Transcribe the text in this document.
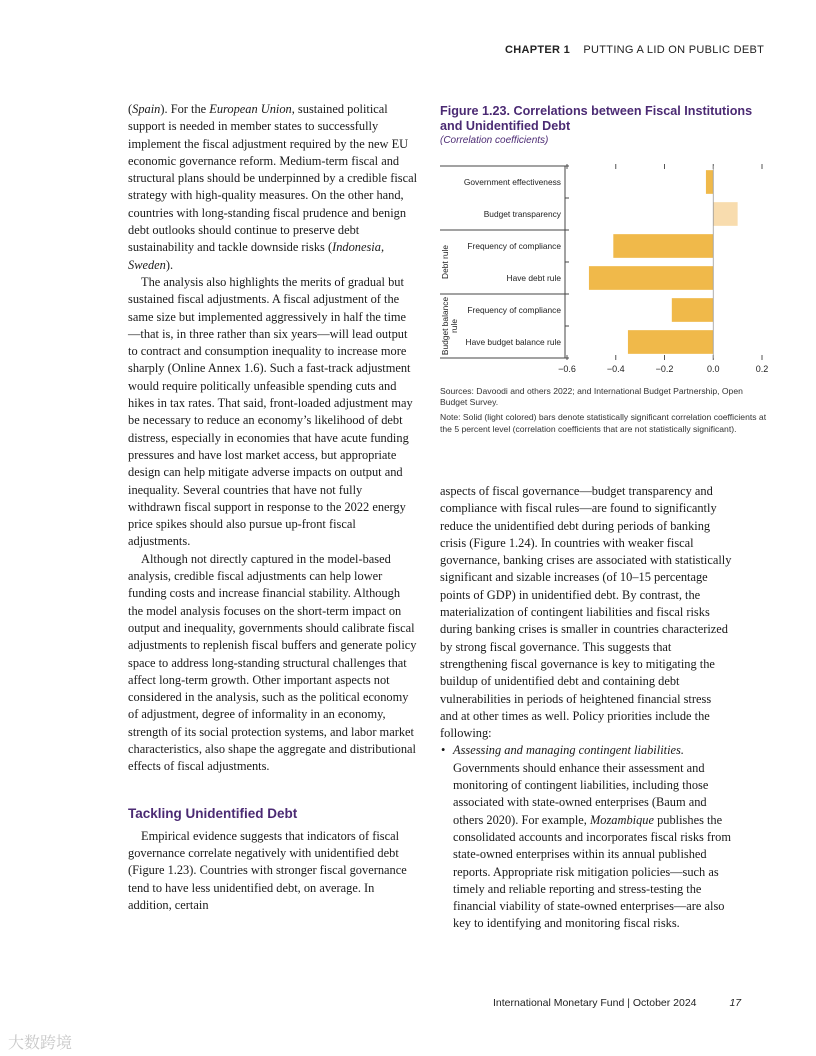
CHAPTER 1 PUTTING A LID ON PUBLIC DEBT

(Spain). For the European Union, sustained political support is needed in member states to successfully implement the fiscal adjustment required by the new EU economic governance reform. Medium-term fiscal and structural plans should be underpinned by a credible fiscal strategy with high-quality measures. On the other hand, countries with long-standing fiscal prudence and benign debt outlooks should continue to preserve debt sustainability and tackle downside risks (Indonesia, Sweden).

The analysis also highlights the merits of gradual but sustained fiscal adjustments. A fiscal adjustment of the same size but implemented aggressively in half the time—that is, in three rather than six years—will lead output to contract and consumption inequality to increase more sharply (Online Annex 1.6). Such a fast-track adjustment would require politically unfeasible spending cuts and hikes in tax rates. That said, front-loaded adjustment may be necessary to reduce an economy’s likelihood of debt distress, especially in economies that have acute funding pressures and have lost market access, but appropriate design can help mitigate adverse impacts on output and inequality. Several countries that have not fully withdrawn fiscal support in response to the 2022 energy price spikes should also pursue up-front fiscal adjustments.

Although not directly captured in the model-based analysis, credible fiscal adjustments can help lower funding costs and increase financial stability. Although the model analysis focuses on the short-term impact on output and inequality, governments should calibrate fiscal adjustments to replenish fiscal buffers and generate policy space to address long-standing structural challenges that affect long-term growth. Other important aspects not considered in the analysis, such as the political economy of adjustment, degree of informality in an economy, strength of its social protection systems, and labor market characteristics, also shape the aggregate and distributional effects of fiscal adjustments.

Tackling Unidentified Debt

Empirical evidence suggests that indicators of fiscal governance correlate negatively with unidentified debt (Figure 1.23). Countries with stronger fiscal governance tend to have less unidentified debt, on average. In addition, certain

Figure 1.23. Correlations between Fiscal Institutions and Unidentified Debt
(Correlation coefficients)
−0.6	−0.4	−0.2	0.0	0.2
Government effectiveness
Budget transparency
Frequency of compliance
Have debt rule
Frequency of compliance
Have budget balance rule
Debt rule
Budget balance rule

Sources: Davoodi and others 2022; and International Budget Partnership, Open Budget Survey.

Note: Solid (light colored) bars denote statistically significant correlation coefficients at the 5 percent level (correlation coefficients that are not statistically significant).

aspects of fiscal governance—budget transparency and compliance with fiscal rules—are found to significantly reduce the unidentified debt during periods of banking crisis (Figure 1.24). In countries with weaker fiscal governance, banking crises are associated with statistically significant and sizable increases (of 10–15 percentage points of GDP) in unidentified debt. By contrast, the materialization of contingent liabilities and fiscal risks during banking crises is smaller in countries characterized by strong fiscal governance. This suggests that strengthening fiscal governance is key to mitigating the buildup of unidentified debt and containing debt vulnerabilities in periods of heightened financial stress and at other times as well. Policy priorities include the following:

• Assessing and managing contingent liabilities. Governments should enhance their assessment and monitoring of contingent liabilities, including those associated with state-owned enterprises (Baum and others 2020). For example, Mozambique publishes the consolidated accounts and incorporates fiscal risks from state-owned enterprises within its annual published reports. Appropriate risk mitigation policies—such as timely and reliable reporting and stress-testing the financial viability of state-owned enterprises—are also key to identifying and monitoring fiscal risks.

International Monetary Fund | October 2024	17
大数跨境
